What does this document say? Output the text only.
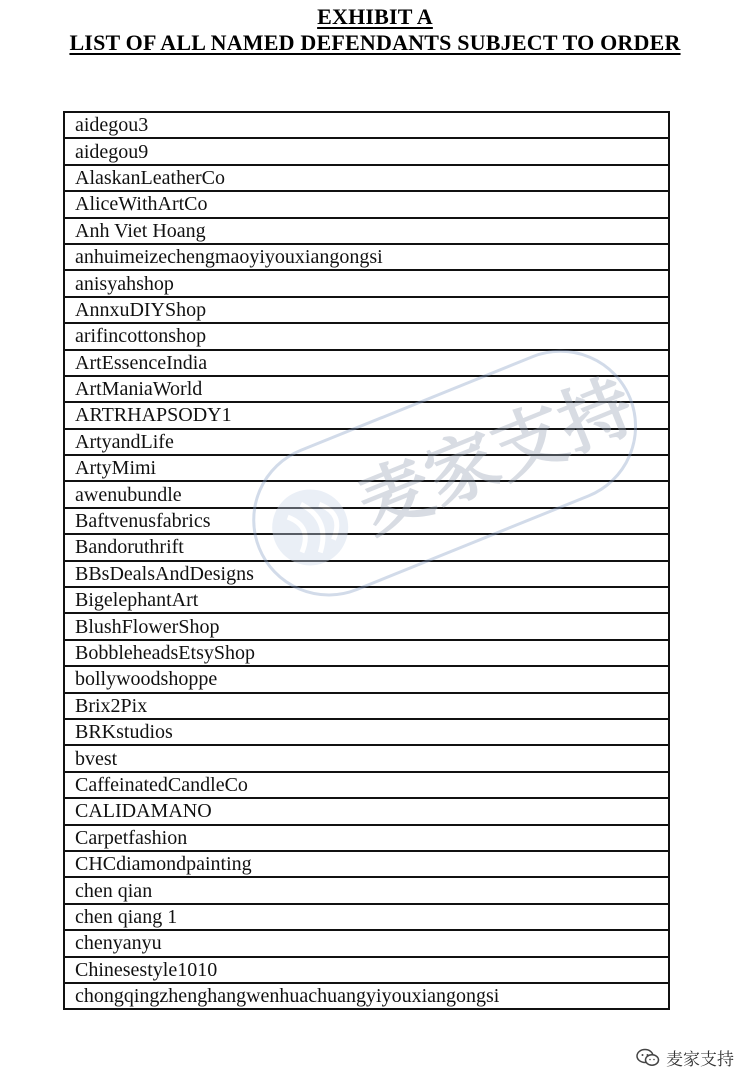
EXHIBIT A
LIST OF ALL NAMED DEFENDANTS SUBJECT TO ORDER
aidegou3
aidegou9
AlaskanLeatherCo
AliceWithArtCo
Anh Viet Hoang
anhuimeizechengmaoyiyouxiangongsi
anisyahshop
AnnxuDIYShop
arifincottonshop
ArtEssenceIndia
ArtManiaWorld
ARTRHAPSODY1
ArtyandLife
ArtyMimi
awenubundle
Baftvenusfabrics
Bandoruthrift
BBsDealsAndDesigns
BigelephantArt
BlushFlowerShop
BobbleheadsEtsyShop
bollywoodshoppe
Brix2Pix
BRKstudios
bvest
CaffeinatedCandleCo
CALIDAMANO
Carpetfashion
CHCdiamondpainting
chen qian
chen qiang 1
chenyanyu
Chinesestyle1010
chongqingzhenghangwenhuachuangyiyouxiangongsi
麦家支持
麦家支持
